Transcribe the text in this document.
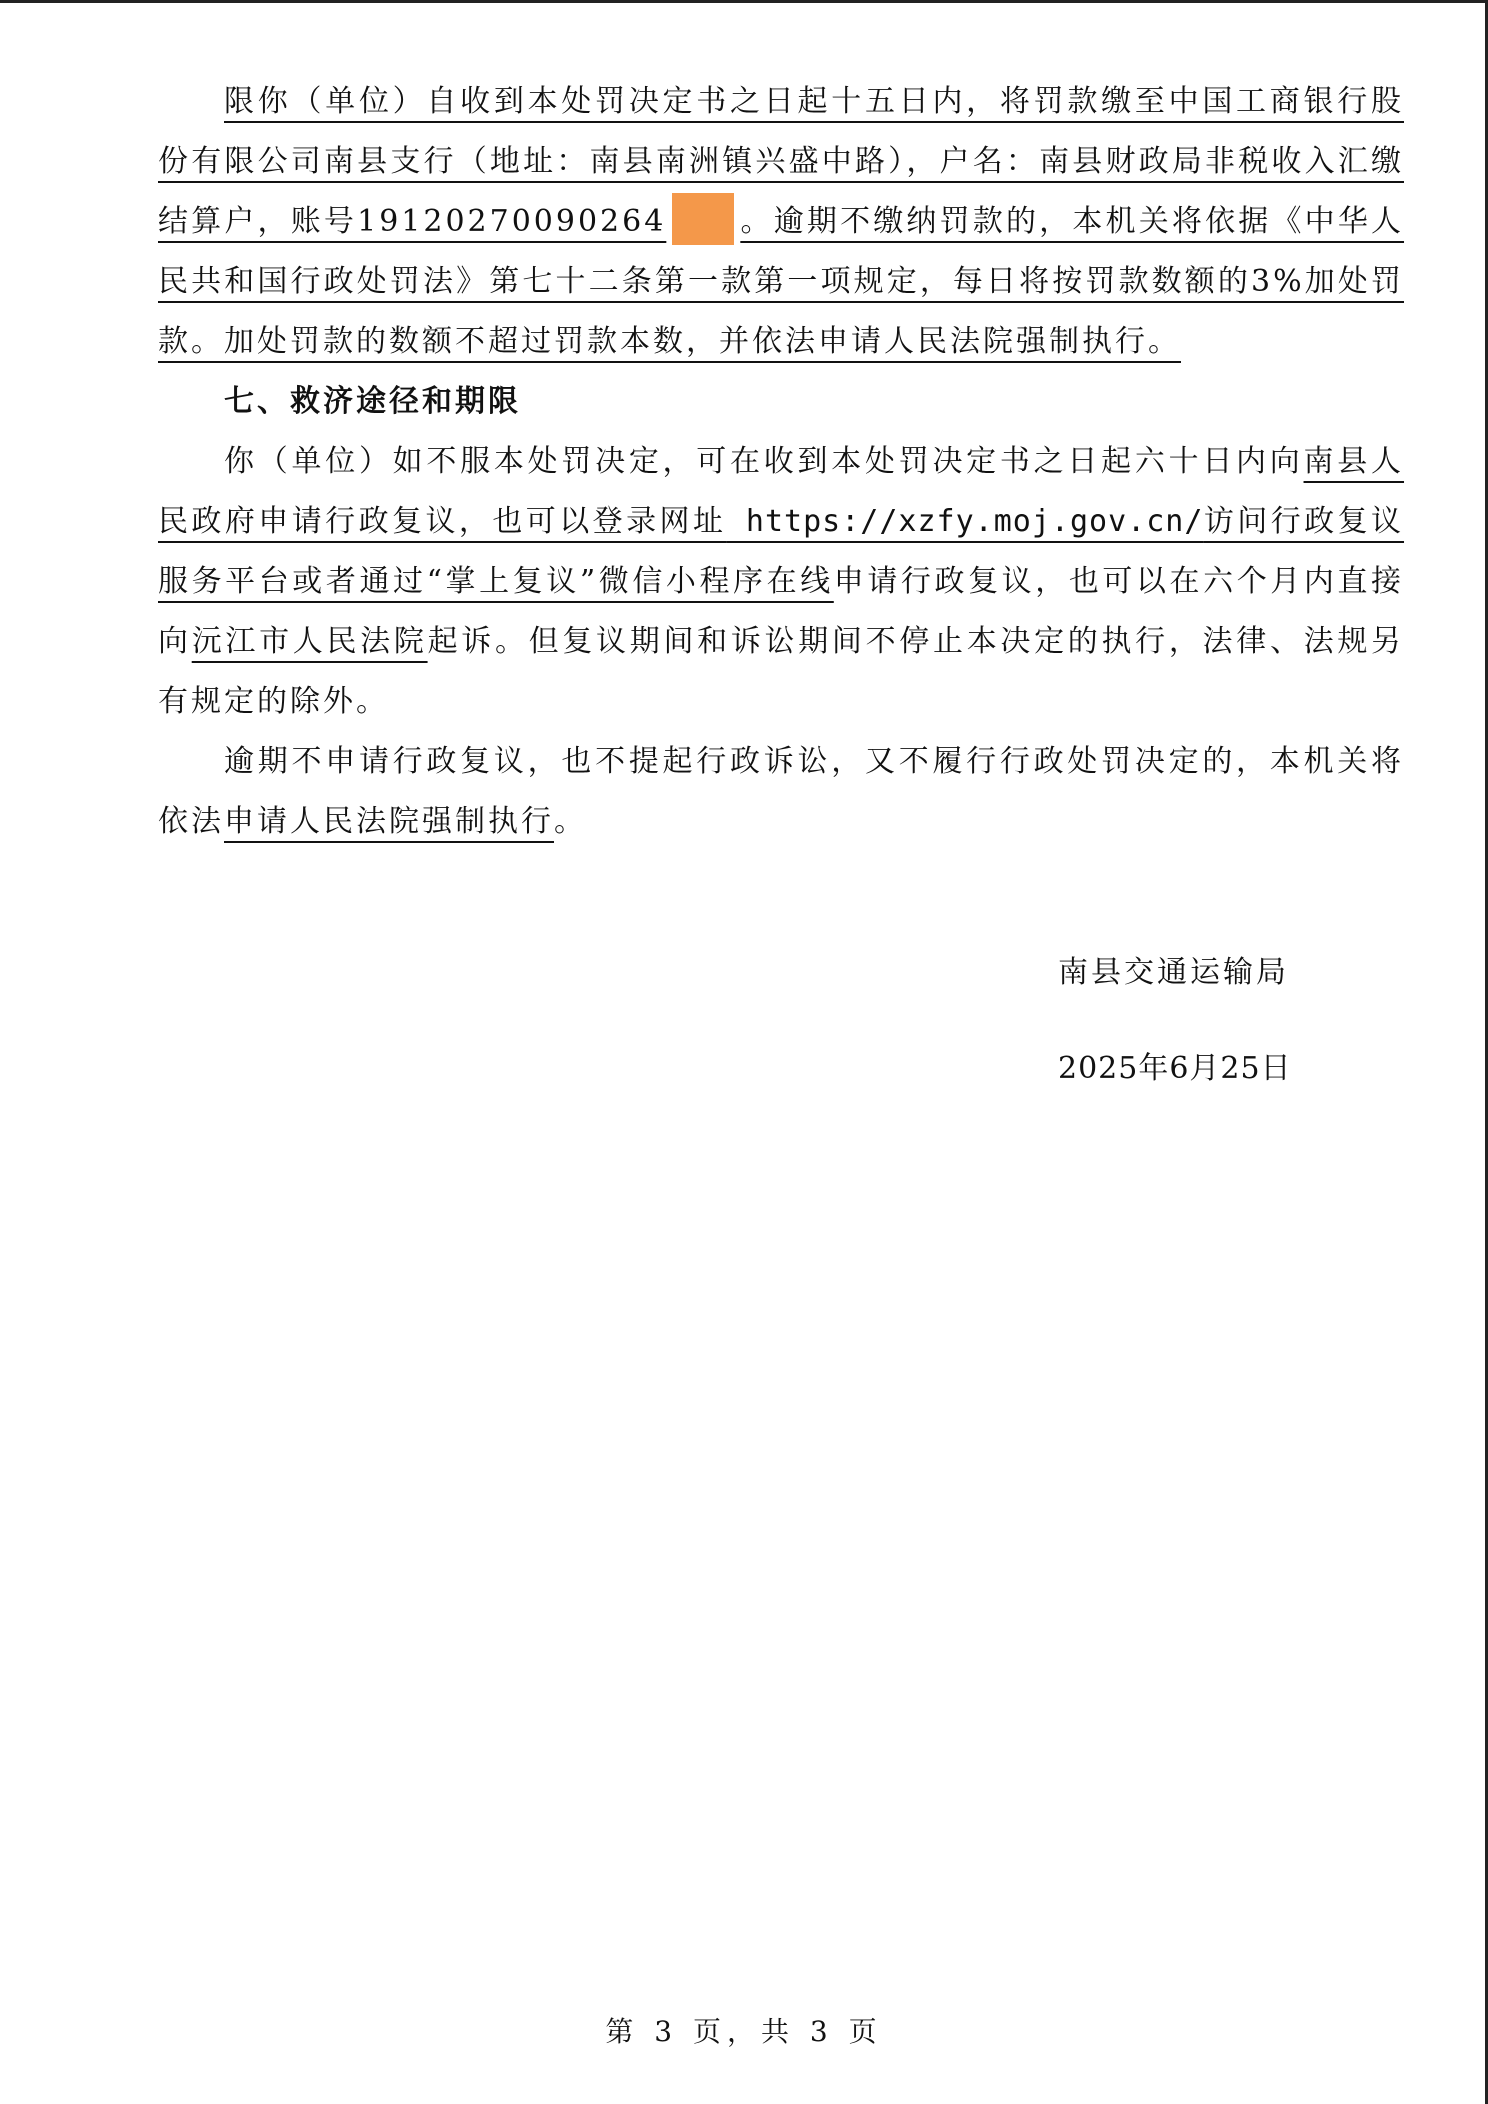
限你（单位）自收到本处罚决定书之日起十五日内，将罚款缴至中国工商银行股份有限公司南县支行（地址：南县南洲镇兴盛中路），户名：南县财政局非税收入汇缴结算户，账号19120270090264 。逾期不缴纳罚款的，本机关将依据《中华人民共和国行政处罚法》第七十二条第一款第一项规定，每日将按罚款数额的3%加处罚款。加处罚款的数额不超过罚款本数，并依法申请人民法院强制执行。

七、救济途径和期限

你（单位）如不服本处罚决定，可在收到本处罚决定书之日起六十日内向南县人民政府申请行政复议，也可以登录网址 https://xzfy.moj.gov.cn/访问行政复议服务平台或者通过“掌上复议”微信小程序在线申请行政复议，也可以在六个月内直接向沅江市人民法院起诉。但复议期间和诉讼期间不停止本决定的执行，法律、法规另有规定的除外。

逾期不申请行政复议，也不提起行政诉讼，又不履行行政处罚决定的，本机关将依法申请人民法院强制执行。

南县交通运输局
2025年6月25日
第 3 页，共 3 页
